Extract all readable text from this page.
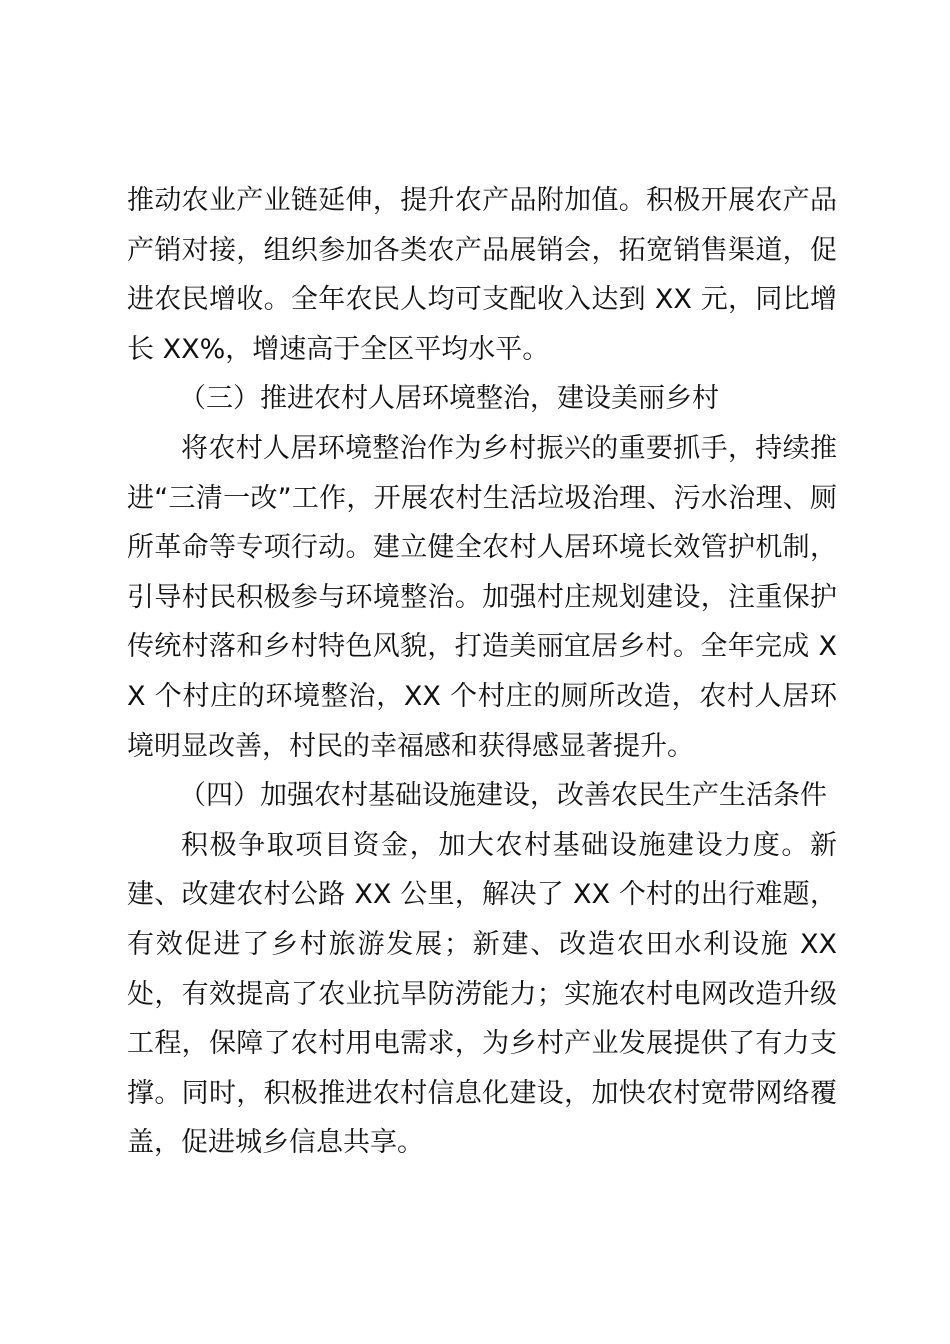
推动农业产业链延伸，提升农产品附加值。积极开展农产品产销对接，组织参加各类农产品展销会，拓宽销售渠道，促进农民增收。全年农民人均可支配收入达到 XX 元，同比增长 XX%，增速高于全区平均水平。

（三）推进农村人居环境整治，建设美丽乡村

将农村人居环境整治作为乡村振兴的重要抓手，持续推进“三清一改”工作，开展农村生活垃圾治理、污水治理、厕所革命等专项行动。建立健全农村人居环境长效管护机制，引导村民积极参与环境整治。加强村庄规划建设，注重保护传统村落和乡村特色风貌，打造美丽宜居乡村。全年完成 XX 个村庄的环境整治，XX 个村庄的厕所改造，农村人居环境明显改善，村民的幸福感和获得感显著提升。

（四）加强农村基础设施建设，改善农民生产生活条件

积极争取项目资金，加大农村基础设施建设力度。新建、改建农村公路 XX 公里，解决了 XX 个村的出行难题，有效促进了乡村旅游发展；新建、改造农田水利设施 XX 处，有效提高了农业抗旱防涝能力；实施农村电网改造升级工程，保障了农村用电需求，为乡村产业发展提供了有力支撑。同时，积极推进农村信息化建设，加快农村宽带网络覆盖，促进城乡信息共享。
